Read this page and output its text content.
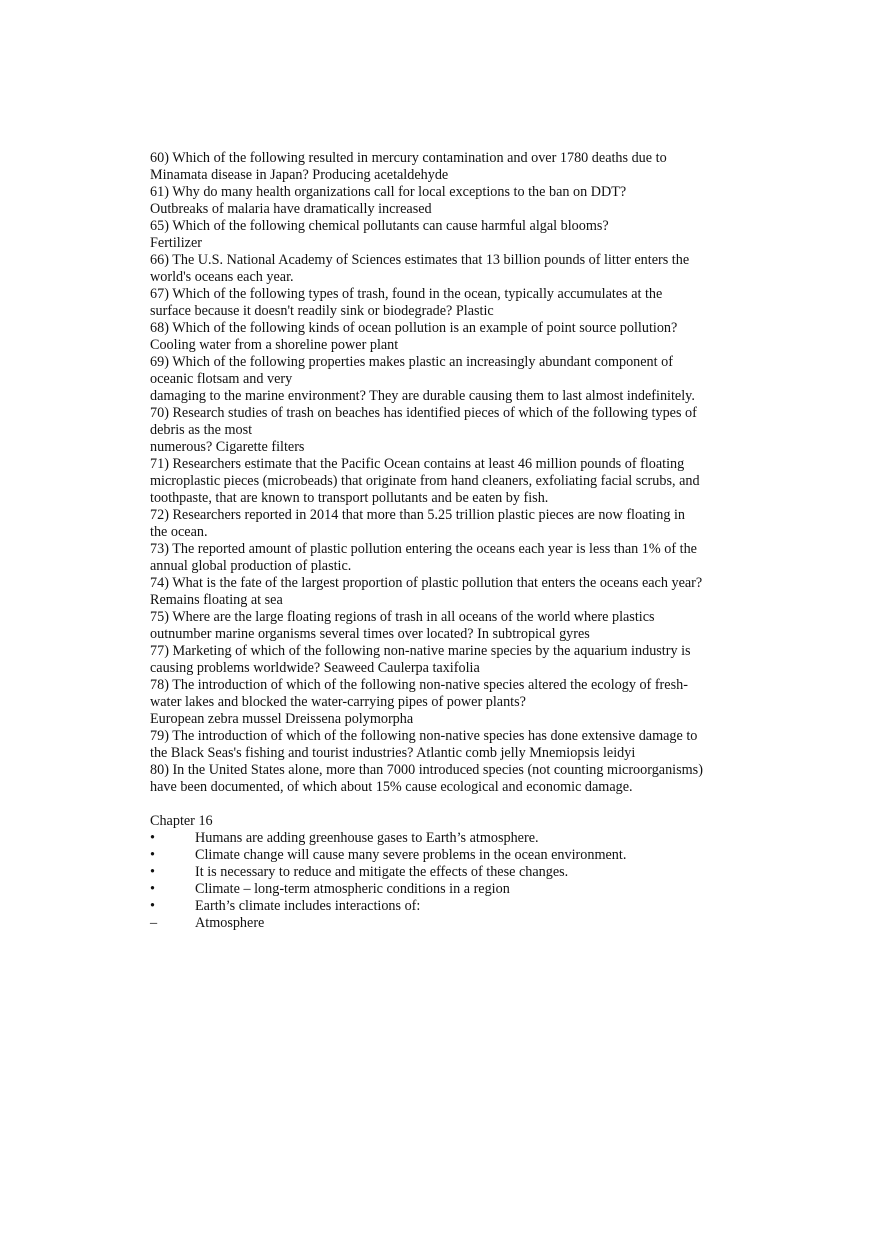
60) Which of the following resulted in mercury contamination and over 1780 deaths due to
Minamata disease in Japan? Producing acetaldehyde
61) Why do many health organizations call for local exceptions to the ban on DDT?
Outbreaks of malaria have dramatically increased
65) Which of the following chemical pollutants can cause harmful algal blooms?
Fertilizer
66) The U.S. National Academy of Sciences estimates that 13 billion pounds of litter enters the
world's oceans each year.
67) Which of the following types of trash, found in the ocean, typically accumulates at the
surface because it doesn't readily sink or biodegrade? Plastic
68) Which of the following kinds of ocean pollution is an example of point source pollution?
Cooling water from a shoreline power plant
69) Which of the following properties makes plastic an increasingly abundant component of
oceanic flotsam and very
damaging to the marine environment? They are durable causing them to last almost indefinitely.
70) Research studies of trash on beaches has identified pieces of which of the following types of
debris as the most
numerous? Cigarette filters
71) Researchers estimate that the Pacific Ocean contains at least 46 million pounds of floating
microplastic pieces (microbeads) that originate from hand cleaners, exfoliating facial scrubs, and
toothpaste, that are known to transport pollutants and be eaten by fish.
72) Researchers reported in 2014 that more than 5.25 trillion plastic pieces are now floating in
the ocean.
73) The reported amount of plastic pollution entering the oceans each year is less than 1% of the
annual global production of plastic.
74) What is the fate of the largest proportion of plastic pollution that enters the oceans each year?
Remains floating at sea
75) Where are the large floating regions of trash in all oceans of the world where plastics
outnumber marine organisms several times over located? In subtropical gyres
77) Marketing of which of the following non-native marine species by the aquarium industry is
causing problems worldwide? Seaweed Caulerpa taxifolia
78) The introduction of which of the following non-native species altered the ecology of fresh-
water lakes and blocked the water-carrying pipes of power plants?
European zebra mussel Dreissena polymorpha
79) The introduction of which of the following non-native species has done extensive damage to
the Black Seas's fishing and tourist industries? Atlantic comb jelly Mnemiopsis leidyi
80) In the United States alone, more than 7000 introduced species (not counting microorganisms)
have been documented, of which about 15% cause ecological and economic damage.
Chapter 16
•	Humans are adding greenhouse gases to Earth’s atmosphere.
•	Climate change will cause many severe problems in the ocean environment.
•	It is necessary to reduce and mitigate the effects of these changes.
•	Climate – long-term atmospheric conditions in a region
•	Earth’s climate includes interactions of:
–	Atmosphere
